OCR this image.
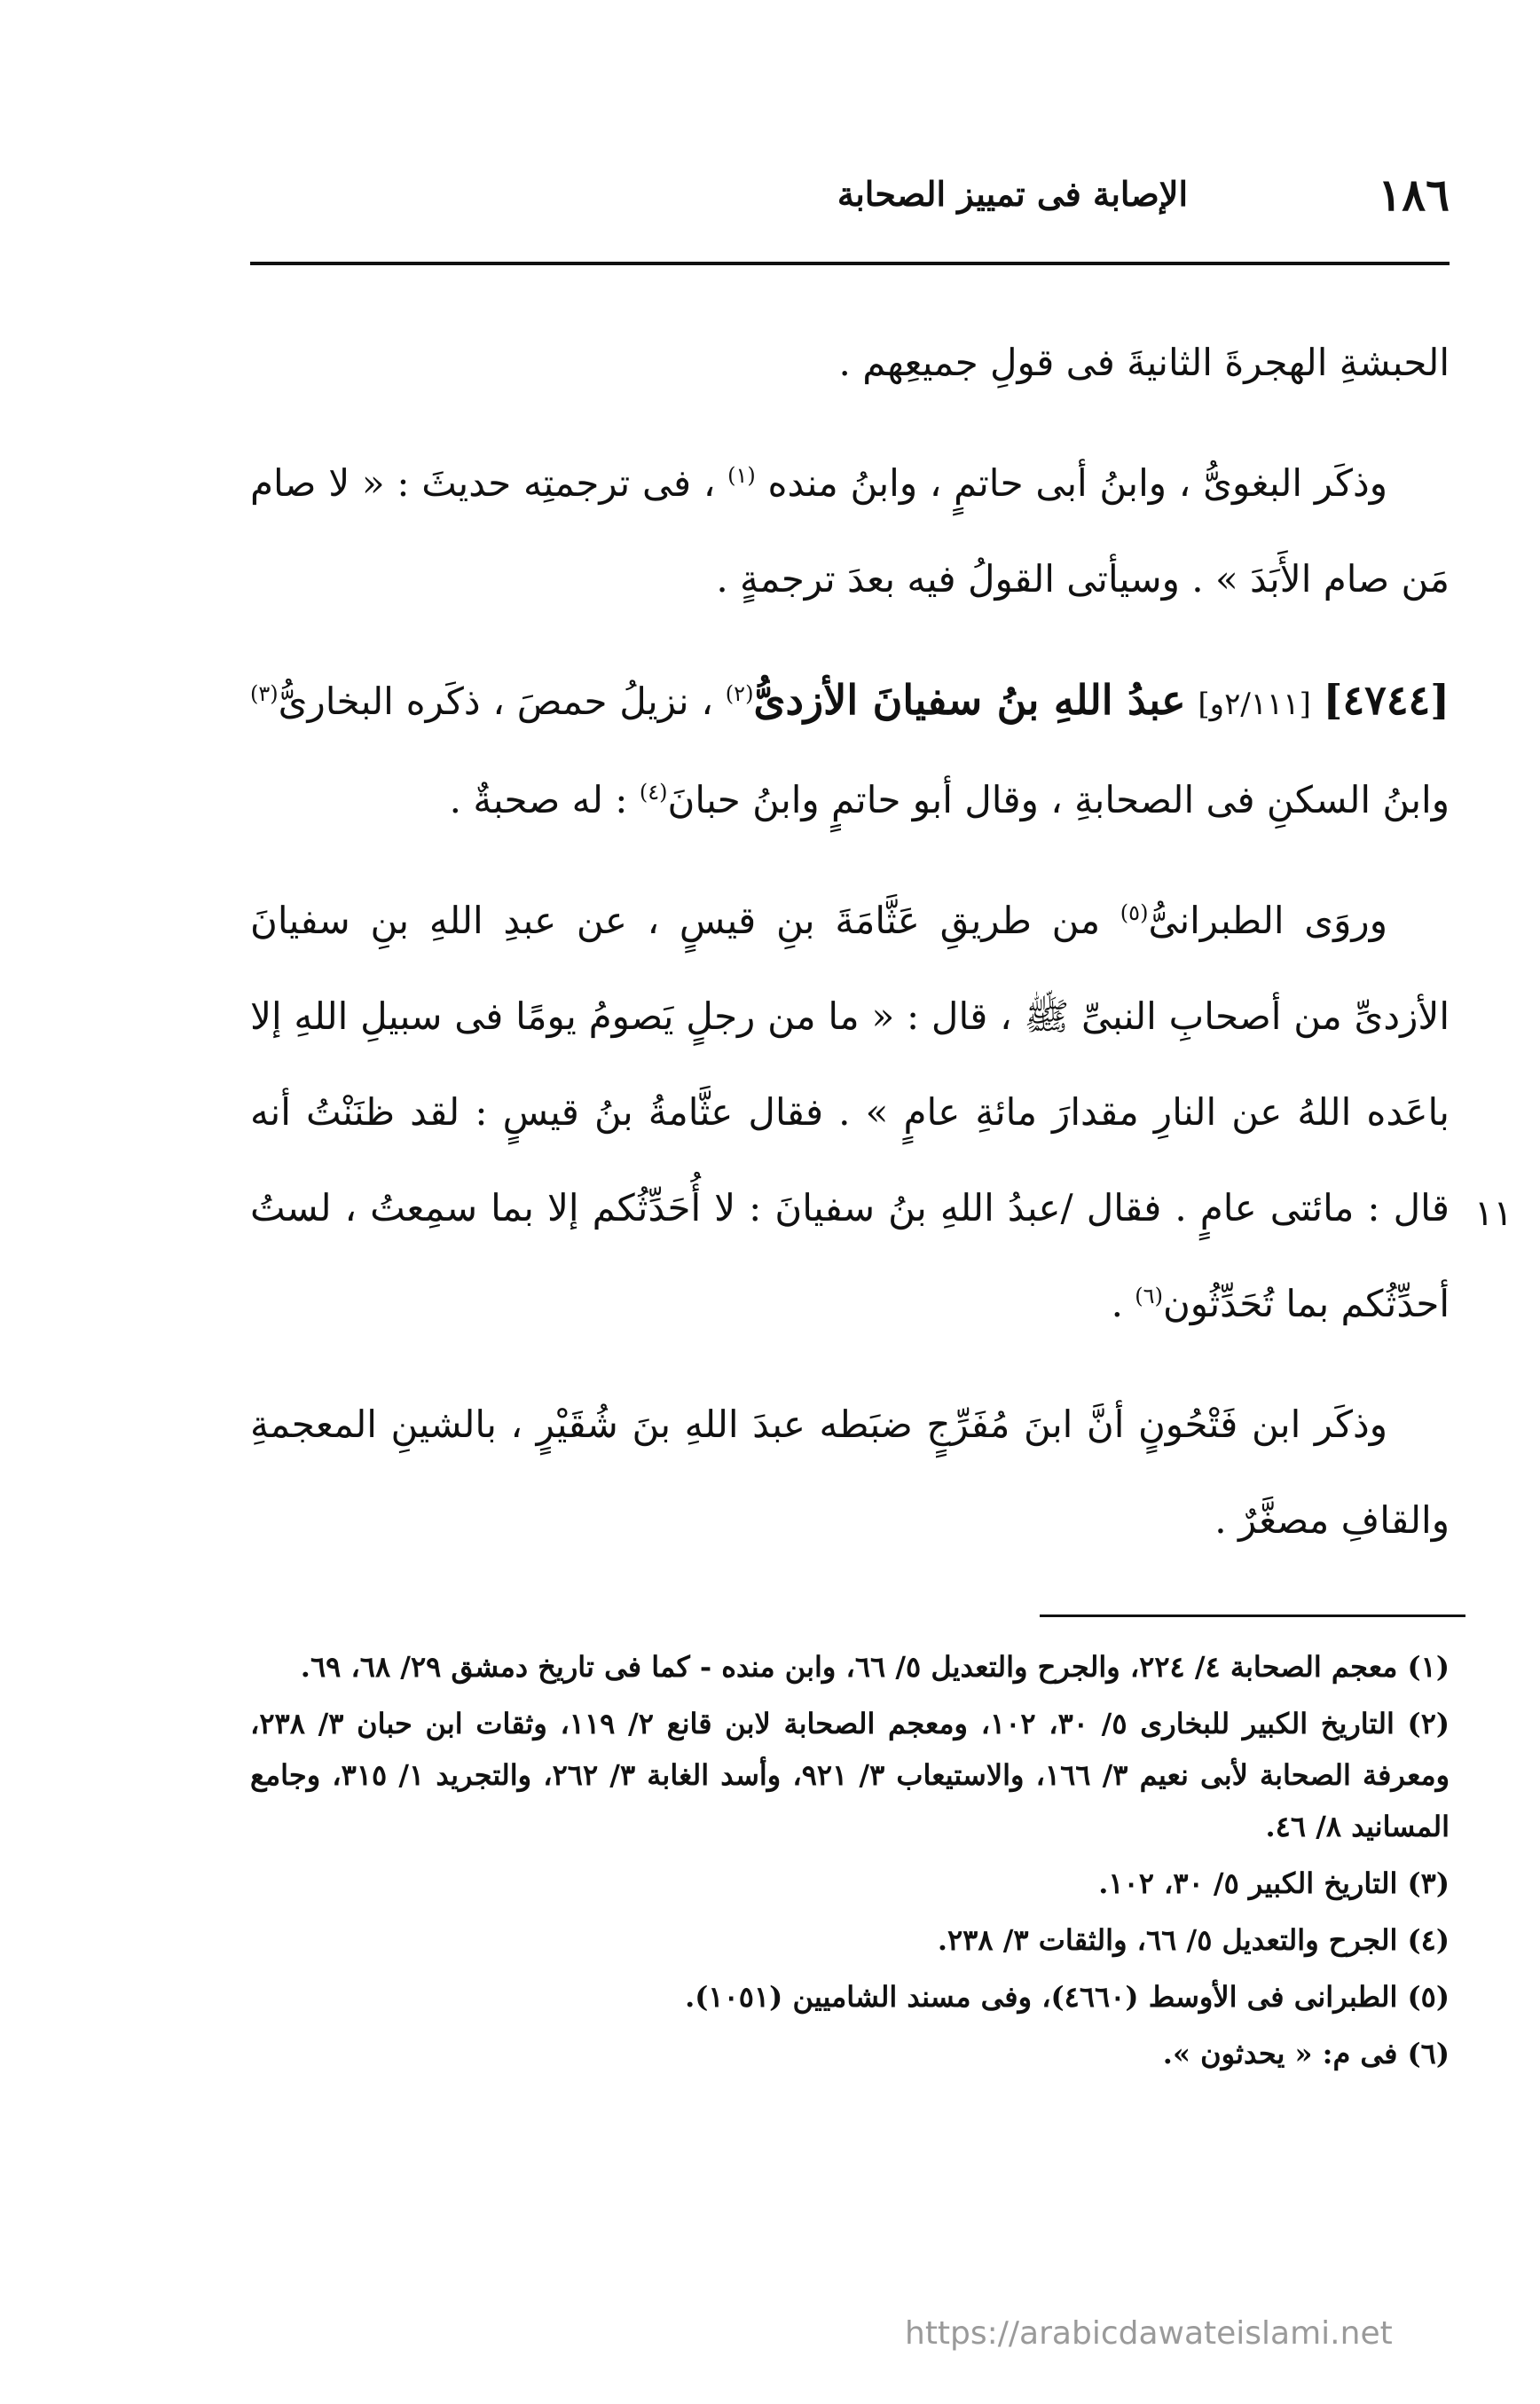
١٨٦
الإصابة فى تمييز الصحابة
١١

الحبشةِ الهجرةَ الثانيةَ فى قولِ جميعِهم .

وذكَر البغوىُّ ، وابنُ أبى حاتمٍ ، وابنُ منده $^{(١)}$ ، فى ترجمتِه حديثَ : « لا صام مَن صام الأَبَدَ » . وسيأتى القولُ فيه بعدَ ترجمةٍ .

[٤٧٤٤] [٢/١١١و] عبدُ اللهِ بنُ سفيانَ الأزدىُّ$^{(٢)}$ ، نزيلُ حمصَ ، ذكَره البخارىُّ$^{(٣)}$ وابنُ السكنِ فى الصحابةِ ، وقال أبو حاتمٍ وابنُ حبانَ$^{(٤)}$ : له صحبةٌ .

وروَى الطبرانىُّ$^{(٥)}$ من طريقِ عَثَّامَةَ بنِ قيسٍ ، عن عبدِ اللهِ بنِ سفيانَ الأزدىِّ من أصحابِ النبىِّ ﷺ ، قال : « ما من رجلٍ يَصومُ يومًا فى سبيلِ اللهِ إلا باعَده اللهُ عن النارِ مقدارَ مائةِ عامٍ » . فقال عثَّامةُ بنُ قيسٍ : لقد ظنَنْتُ أنه قال : مائتى عامٍ . فقال /عبدُ اللهِ بنُ سفيانَ : لا أُحَدِّثُكم إلا بما سمِعتُ ، لستُ أحدِّثُكم بما تُحَدِّثُون$^{(٦)}$ .

وذكَر ابن فَتْحُونٍ أنَّ ابنَ مُفَرِّجٍ ضبَطه عبدَ اللهِ بنَ شُقَيْرٍ ، بالشينِ المعجمةِ والقافِ مصغَّرٌ .

(١) معجم الصحابة ٤/ ٢٢٤، والجرح والتعديل ٥/ ٦٦، وابن منده - كما فى تاريخ دمشق ٢٩/ ٦٨، ٦٩.

(٢) التاريخ الكبير للبخارى ٥/ ٣٠، ١٠٢، ومعجم الصحابة لابن قانع ٢/ ١١٩، وثقات ابن حبان ٣/ ٢٣٨، ومعرفة الصحابة لأبى نعيم ٣/ ١٦٦، والاستيعاب ٣/ ٩٢١، وأسد الغابة ٣/ ٢٦٢، والتجريد ١/ ٣١٥، وجامع المسانيد ٨/ ٤٦.

(٣) التاريخ الكبير ٥/ ٣٠، ١٠٢.

(٤) الجرح والتعديل ٥/ ٦٦، والثقات ٣/ ٢٣٨.

(٥) الطبرانى فى الأوسط (٤٦٦٠)، وفى مسند الشاميين (١٠٥١).

(٦) فى م: « يحدثون ».

https://arabicdawateislami.net
